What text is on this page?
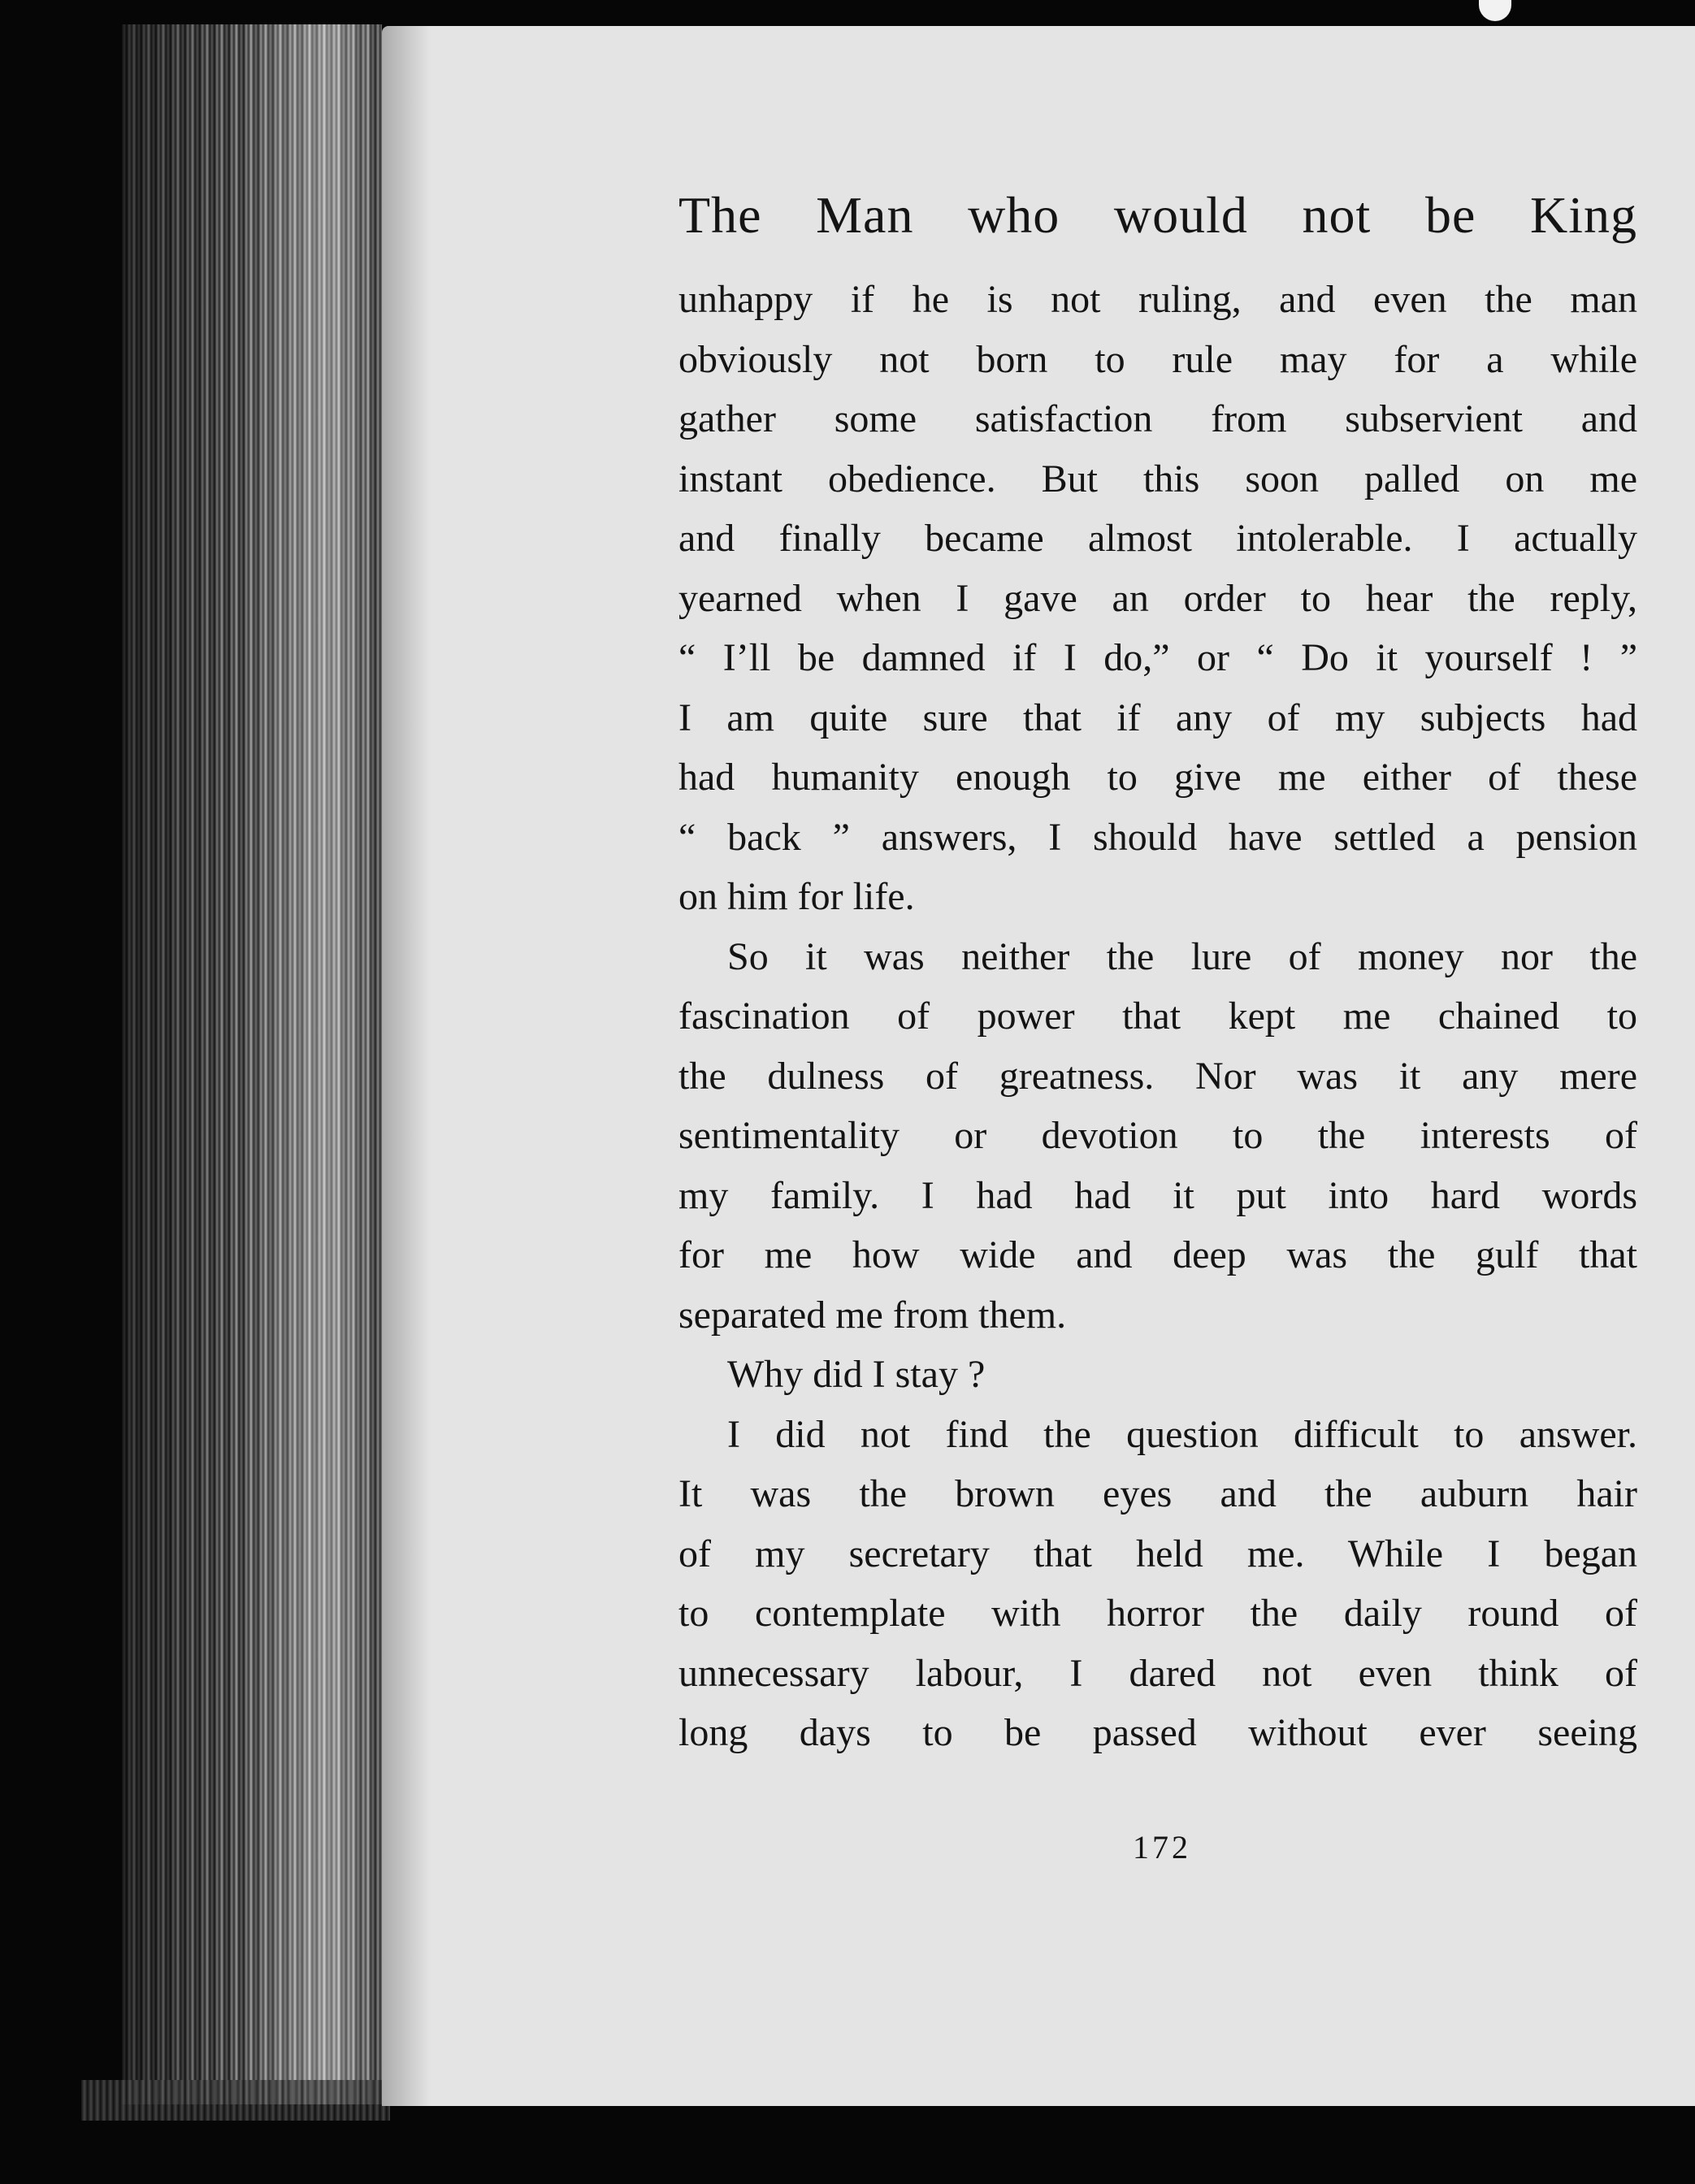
The Man who would not be King
unhappy if he is not ruling, and even the man
obviously not born to rule may for a while
gather some satisfaction from subservient and
instant obedience. But this soon palled on me
and finally became almost intolerable. I actually
yearned when I gave an order to hear the reply,
“ I’ll be damned if I do,” or “ Do it yourself ! ”
I am quite sure that if any of my subjects had
had humanity enough to give me either of these
“ back ” answers, I should have settled a pension
on him for life.
So it was neither the lure of money nor the
fascination of power that kept me chained to
the dulness of greatness. Nor was it any mere
sentimentality or devotion to the interests of
my family. I had had it put into hard words
for me how wide and deep was the gulf that
separated me from them.
Why did I stay ?
I did not find the question difficult to answer.
It was the brown eyes and the auburn hair
of my secretary that held me. While I began
to contemplate with horror the daily round of
unnecessary labour, I dared not even think of
long days to be passed without ever seeing
172
